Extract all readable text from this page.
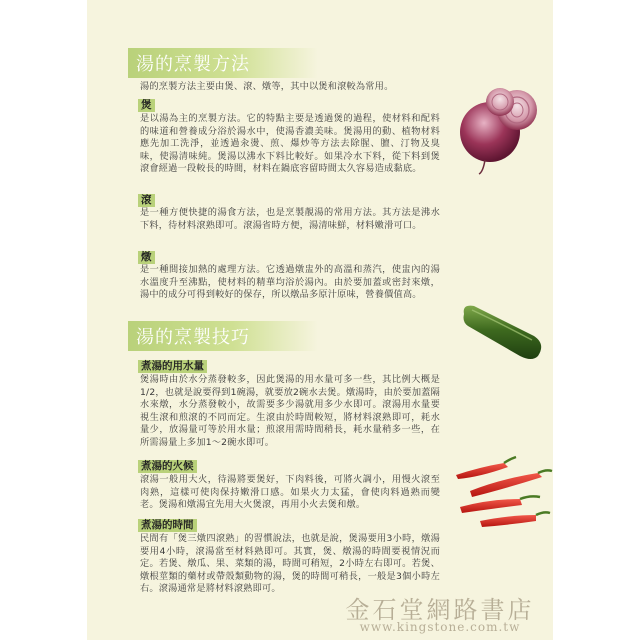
湯的烹製方法
湯的烹製方法主要由煲、滾、燉等，其中以煲和滾較為常用。
煲
是以湯為主的烹製方法。它的特點主要是透過煲的過程，使材料和配料的味道和營養成分浴於湯水中，使湯香濃美味。煲湯用的動、植物材料應先加工洗淨，並透過汆燙、煎、爆炒等方法去除腥、膻、汀物及臭味，使湯清味純。煲湯以沸水下料比較好。如果冷水下料，從下料到煲滾會經過一段較長的時間，材料在鍋底容留時間太久容易造成黏底。
滾
是一種方便快捷的湯食方法，也是烹製靚湯的常用方法。其方法是沸水下料，待材料滾熟即可。滾湯省時方便，湯清味鮮，材料嫩滑可口。
燉
是一種間接加熱的處理方法。它透過燉盅外的高溫和蒸汽，使盅內的湯水溫度升至沸點，使材料的精華均浴於湯內。由於要加蓋或密封來燉，湯中的成分可得到較好的保存，所以燉品多原汁原味，營養價值高。
湯的烹製技巧
煮湯的用水量
煲湯時由於水分蒸發較多，因此煲湯的用水量可多一些，其比例大概是1/2，也就是說要得到1碗湯，就要放2碗水去煲。燉湯時，由於要加蓋隔水來燉，水分蒸發較小，故需要多少湯就用多少水即可。滾湯用水量要視生滾和煎滾的不同而定。生滾由於時間較短，將材料滾熟即可，耗水量少，放湯量可等於用水量；煎滾用需時間稍長，耗水量稍多一些，在所需湯量上多加1～2碗水即可。
煮湯的火候
滾湯一般用大火，待湯將要煲好，下肉料後，可將火調小，用慢火滾至肉熟，這樣可使肉保持嫩滑口感。如果火力太猛，會使肉料過熟而變老。煲湯和燉湯宜先用大火煲滾，再用小火去煲和燉。
煮湯的時間
民間有「煲三燉四滾熟」的習慣說法，也就是說，煲湯要用3小時，燉湯要用4小時，滾湯當至材料熟即可。其實，煲、燉湯的時間要視情況而定。若煲、燉瓜、果、菜類的湯，時間可稍短，2小時左右即可。若煲、燉根莖類的藥材或帶殼類動物的湯，煲的時間可稍長，一般是3個小時左右。滾湯通常是將材料滾熟即可。
金石堂網路書店
www.kingstone.com.tw
